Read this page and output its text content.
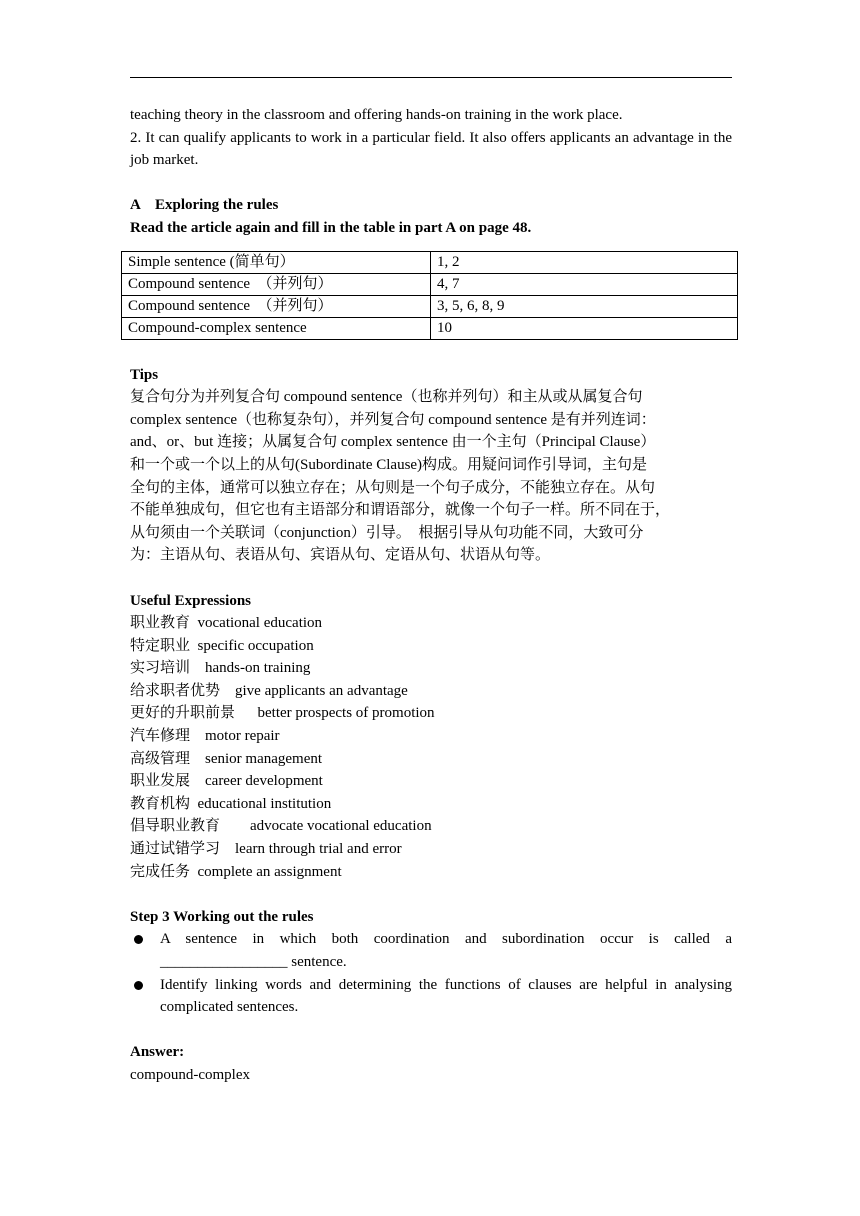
teaching theory in the classroom and offering hands-on training in the work place.

2. It can qualify applicants to work in a particular field. It also offers applicants an advantage in the job market.

A    Exploring the rules

Read the article again and fill in the table in part A on page 48.

Simple sentence (简单句）	1, 2
Compound sentence  （并列句）	4, 7
Compound sentence  （并列句）	3, 5, 6, 8, 9
Compound-complex sentence	10

Tips

复合句分为并列复合句 compound sentence（也称并列句）和主从或从属复合句

complex sentence（也称复杂句），并列复合句 compound sentence 是有并列连词：

and、or、but 连接；从属复合句 complex sentence 由一个主句（Principal Clause）

和一个或一个以上的从句(Subordinate Clause)构成。用疑问词作引导词，主句是

全句的主体，通常可以独立存在；从句则是一个句子成分，不能独立存在。从句

不能单独成句，但它也有主语部分和谓语部分，就像一个句子一样。所不同在于，

从句须由一个关联词（conjunction）引导。  根据引导从句功能不同，大致可分

为：主语从句、表语从句、宾语从句、定语从句、状语从句等。

Useful Expressions

职业教育  vocational education

特定职业  specific occupation

实习培训    hands-on training

给求职者优势    give applicants an advantage

更好的升职前景      better prospects of promotion

汽车修理    motor repair

高级管理    senior management

职业发展    career development

教育机构  educational institution

倡导职业教育        advocate vocational education

通过试错学习    learn through trial and error

完成任务  complete an assignment

Step 3 Working out the rules

A sentence in which both coordination and subordination occur is called a _________________ sentence.
Identify linking words and determining the functions of clauses are helpful in analysing complicated sentences.

Answer:

compound-complex
